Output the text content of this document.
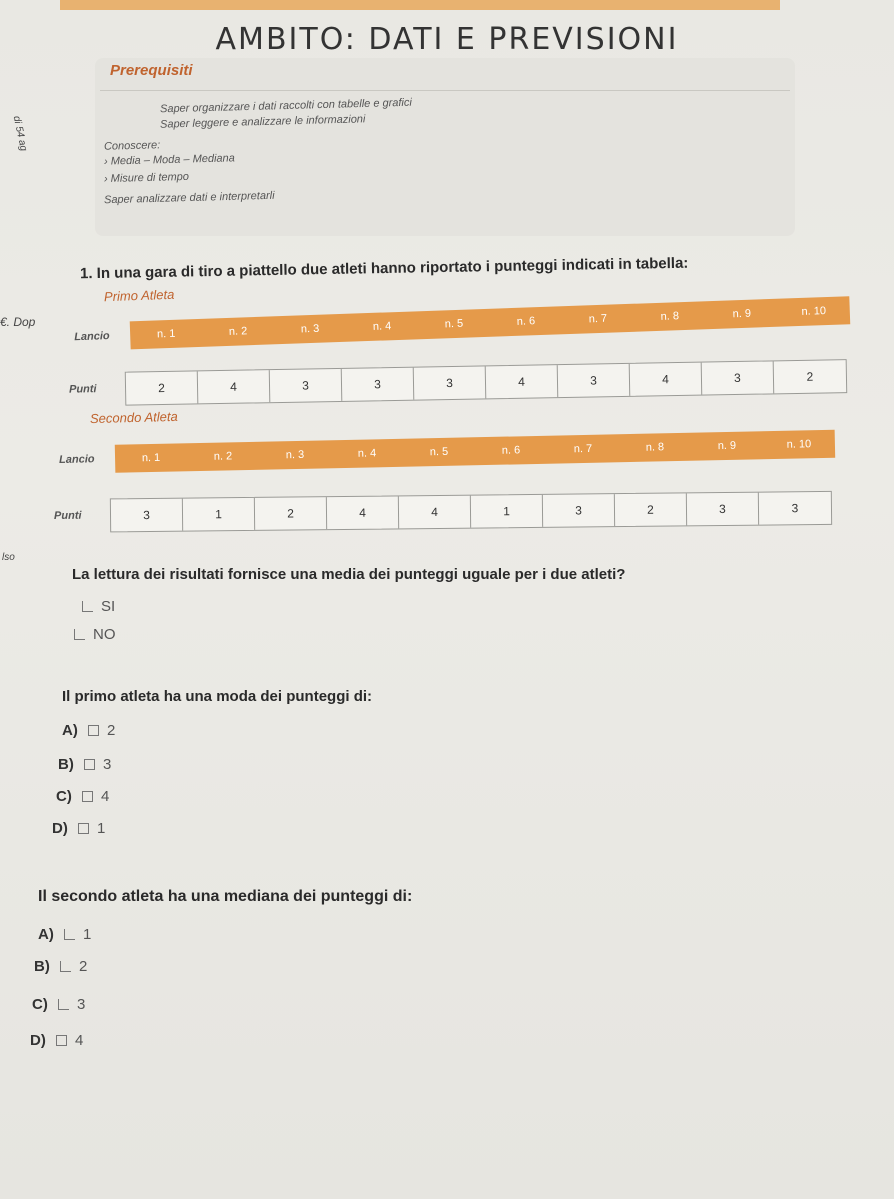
AMBITO: DATI E PREVISIONI
Prerequisiti
Saper organizzare i dati raccolti con tabelle e grafici
Saper leggere e analizzare le informazioni
Conoscere:
› Media – Moda – Mediana
› Misure di tempo
Saper analizzare dati e interpretarli
di 54 ag
€. Dop
lso
1. In una gara di tiro a piattello due atleti hanno riportato i punteggi indicati in tabella:
Primo Atleta
Lancio	n. 1	n. 2	n. 3	n. 4	n. 5	n. 6	n. 7	n. 8	n. 9	n. 10
Punti	2	4	3	3	3	4	3	4	3	2
Secondo Atleta
Lancio	n. 1	n. 2	n. 3	n. 4	n. 5	n. 6	n. 7	n. 8	n. 9	n. 10
Punti	3	1	2	4	4	1	3	2	3	3
La lettura dei risultati fornisce una media dei punteggi uguale per i due atleti?
SI
NO
Il primo atleta ha una moda dei punteggi di:
A) 2
B) 3
C) 4
D) 1
Il secondo atleta ha una mediana dei punteggi di:
A) 1
B) 2
C) 3
D) 4
